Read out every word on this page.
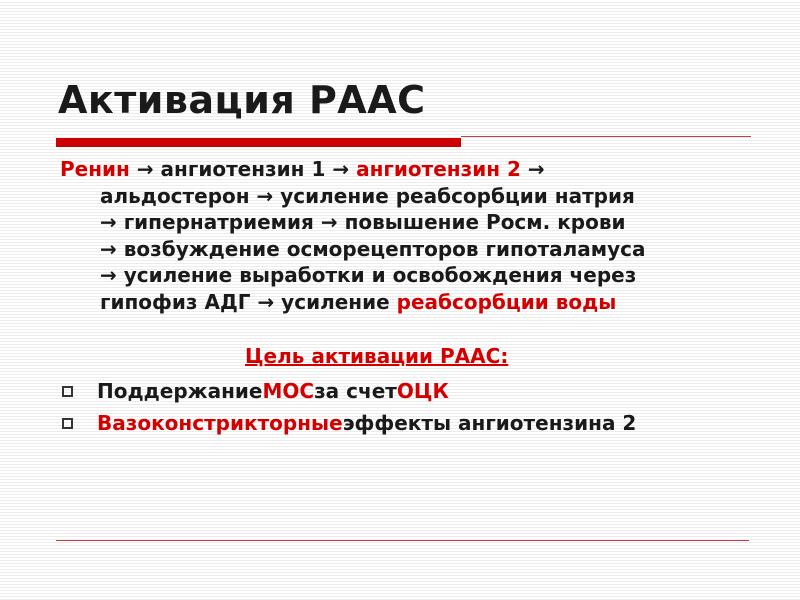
Активация РААС
Ренин → ангиотензин 1 → ангиотензин 2 →
альдостерон → усиление реабсорбции натрия
→ гипернатриемия → повышение Росм. крови
→ возбуждение осморецепторов гипоталамуса
→ усиление выработки и освобождения через
гипофиз АДГ → усиление реабсорбции воды
Цель активации РААС:
Поддержание МОС за счет ОЦК
Вазоконстрикторные эффекты ангиотензина 2
